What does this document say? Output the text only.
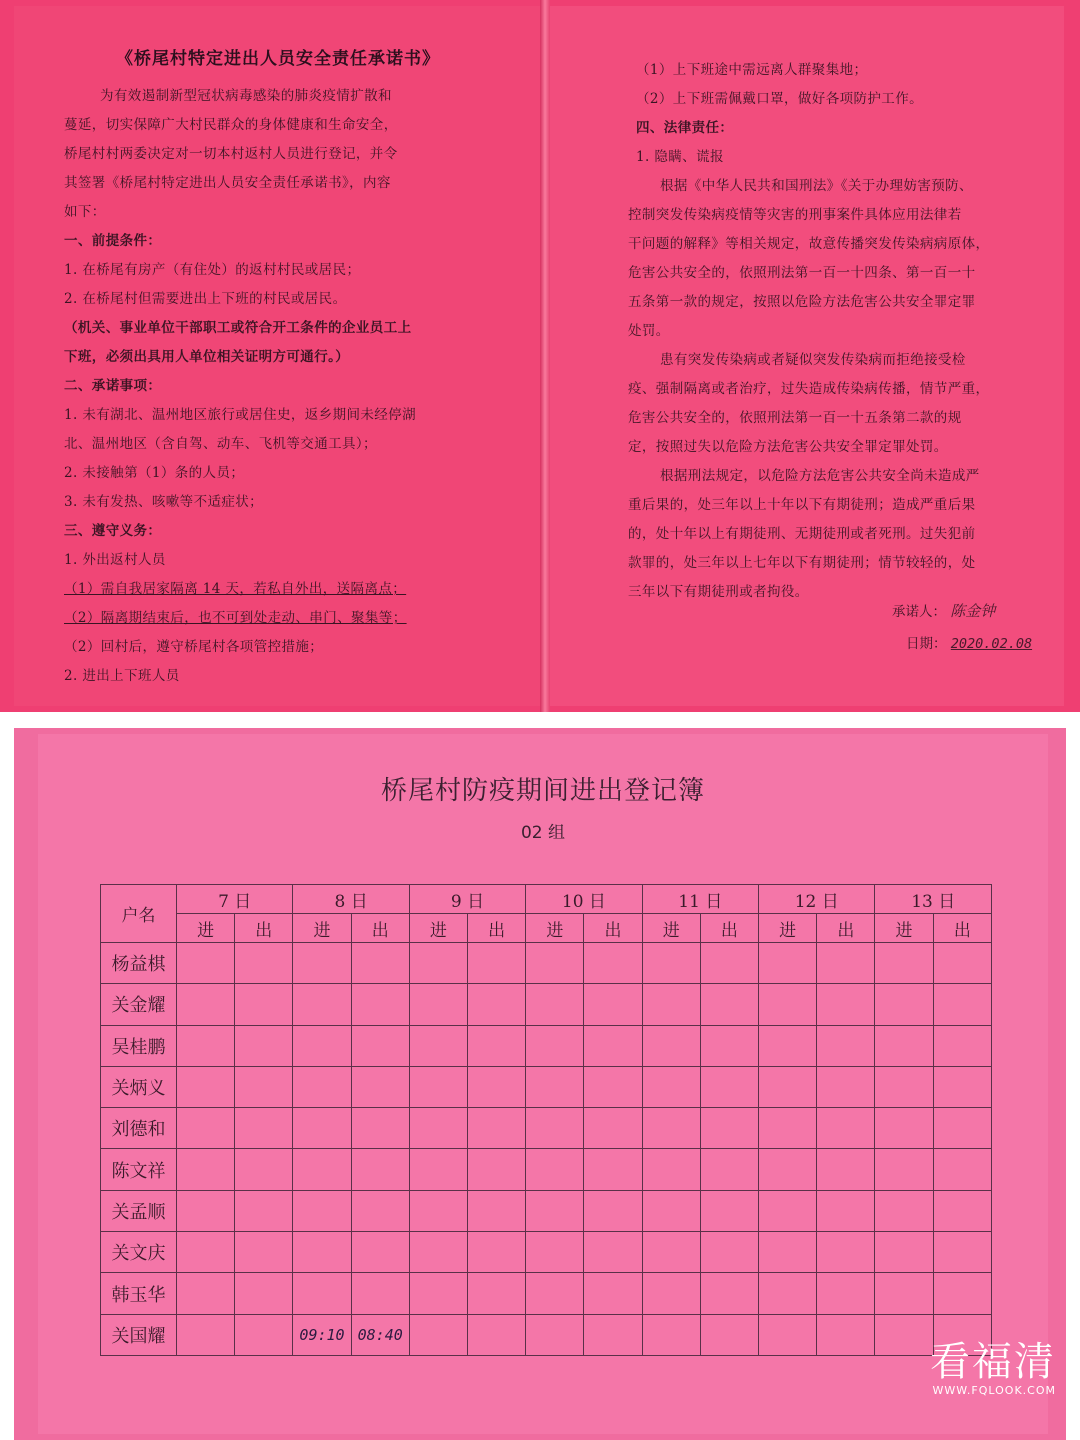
《桥尾村特定进出人员安全责任承诺书》
为有效遏制新型冠状病毒感染的肺炎疫情扩散和
蔓延，切实保障广大村民群众的身体健康和生命安全，
桥尾村村两委决定对一切本村返村人员进行登记，并令
其签署《桥尾村特定进出人员安全责任承诺书》，内容
如下：
一、前提条件：
1. 在桥尾有房产（有住处）的返村村民或居民；
2. 在桥尾村但需要进出上下班的村民或居民。
（机关、事业单位干部职工或符合开工条件的企业员工上
下班，必须出具用人单位相关证明方可通行。）
二、承诺事项：
1. 未有湖北、温州地区旅行或居住史，返乡期间未经停湖
北、温州地区（含自驾、动车、飞机等交通工具）；
2. 未接触第（1）条的人员；
3. 未有发热、咳嗽等不适症状；
三、遵守义务：
1. 外出返村人员
（1）需自我居家隔离 14 天，若私自外出，送隔离点；
（2）隔离期结束后，也不可到处走动、串门、聚集等；
（2）回村后，遵守桥尾村各项管控措施；
2. 进出上下班人员
（1）上下班途中需远离人群聚集地；
（2）上下班需佩戴口罩，做好各项防护工作。
四、法律责任：
1. 隐瞒、谎报
根据《中华人民共和国刑法》《关于办理妨害预防、
控制突发传染病疫情等灾害的刑事案件具体应用法律若
干问题的解释》等相关规定，故意传播突发传染病病原体，
危害公共安全的，依照刑法第一百一十四条、第一百一十
五条第一款的规定，按照以危险方法危害公共安全罪定罪
处罚。
患有突发传染病或者疑似突发传染病而拒绝接受检
疫、强制隔离或者治疗，过失造成传染病传播，情节严重，
危害公共安全的，依照刑法第一百一十五条第二款的规
定，按照过失以危险方法危害公共安全罪定罪处罚。
根据刑法规定，以危险方法危害公共安全尚未造成严
重后果的，处三年以上十年以下有期徒刑；造成严重后果
的，处十年以上有期徒刑、无期徒刑或者死刑。过失犯前
款罪的，处三年以上七年以下有期徒刑；情节较轻的，处
三年以下有期徒刑或者拘役。
承诺人： 陈金钟
日期： 2020.02.08
桥尾村防疫期间进出登记簿
02 组
户名	7 日		8 日		9 日		10 日		11 日		12 日		13 日	
	进	出	进	出	进	出	进	出	进	出	进	出	进	出
杨益棋														
关金耀														
吴桂鹏														
关炳义														
刘德和														
陈文祥														
关孟顺														
关文庆														
韩玉华														
关国耀			09:10	08:40										
看福清
WWW.FQLOOK.COM
